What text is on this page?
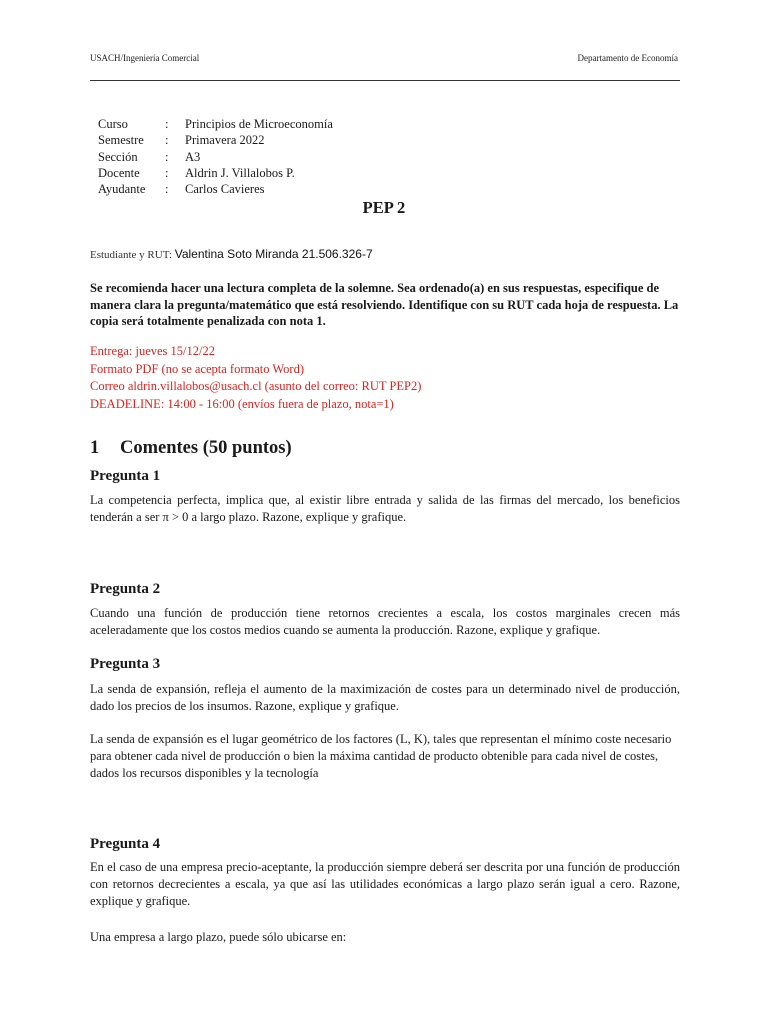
USACH/Ingeniería Comercial	Departamento de Economía
Curso	:	Principios de Microeconomía
Semestre	:	Primavera 2022
Sección	:	A3
Docente	:	Aldrin J. Villalobos P.
Ayudante	:	Carlos Cavieres
PEP 2
Estudiante y RUT: Valentina Soto Miranda 21.506.326-7
Se recomienda hacer una lectura completa de la solemne. Sea ordenado(a) en sus respuestas, especifique de manera clara la pregunta/matemático que está resolviendo. Identifique con su RUT cada hoja de respuesta. La copia será totalmente penalizada con nota 1.
Entrega: jueves 15/12/22
Formato PDF (no se acepta formato Word)
Correo aldrin.villalobos@usach.cl (asunto del correo: RUT PEP2)
DEADELINE: 14:00 - 16:00 (envíos fuera de plazo, nota=1)
1 Comentes (50 puntos)
Pregunta 1
La competencia perfecta, implica que, al existir libre entrada y salida de las firmas del mercado, los beneficios tenderán a ser π > 0 a largo plazo. Razone, explique y grafique.
Pregunta 2
Cuando una función de producción tiene retornos crecientes a escala, los costos marginales crecen más aceleradamente que los costos medios cuando se aumenta la producción. Razone, explique y grafique.
Pregunta 3
La senda de expansión, refleja el aumento de la maximización de costes para un determinado nivel de producción, dado los precios de los insumos. Razone, explique y grafique.
La senda de expansión es el lugar geométrico de los factores (L, K), tales que representan el mínimo coste necesario para obtener cada nivel de producción o bien la máxima cantidad de producto obtenible para cada nivel de costes, dados los recursos disponibles y la tecnología
Pregunta 4
En el caso de una empresa precio-aceptante, la producción siempre deberá ser descrita por una función de producción con retornos decrecientes a escala, ya que así las utilidades económicas a largo plazo serán igual a cero. Razone, explique y grafique.
Una empresa a largo plazo, puede sólo ubicarse en:
